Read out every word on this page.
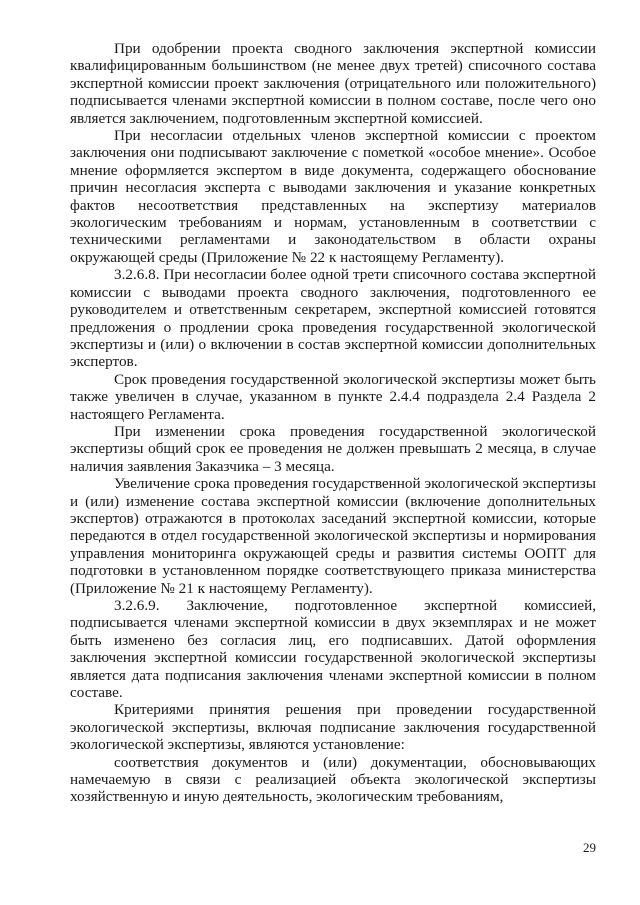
При одобрении проекта сводного заключения экспертной комиссии квалифицированным большинством (не менее двух третей) списочного состава экспертной комиссии проект заключения (отрицательного или положительного) подписывается членами экспертной комиссии в полном составе, после чего оно является заключением, подготовленным экспертной комиссией.

При несогласии отдельных членов экспертной комиссии с проектом заключения они подписывают заключение с пометкой «особое мнение». Особое мнение оформляется экспертом в виде документа, содержащего обоснование причин несогласия эксперта с выводами заключения и указание конкретных фактов несоответствия представленных на экспертизу материалов экологическим требованиям и нормам, установленным в соответствии с техническими регламентами и законодательством в области охраны окружающей среды (Приложение № 22 к настоящему Регламенту).

3.2.6.8. При несогласии более одной трети списочного состава экспертной комиссии с выводами проекта сводного заключения, подготовленного ее руководителем и ответственным секретарем, экспертной комиссией готовятся предложения о продлении срока проведения государственной экологической экспертизы и (или) о включении в состав экспертной комиссии дополнительных экспертов.

Срок проведения государственной экологической экспертизы может быть также увеличен в случае, указанном в пункте 2.4.4 подраздела 2.4 Раздела 2 настоящего Регламента.

При изменении срока проведения государственной экологической экспертизы общий срок ее проведения не должен превышать 2 месяца, в случае наличия заявления Заказчика – 3 месяца.

Увеличение срока проведения государственной экологической экспертизы и (или) изменение состава экспертной комиссии (включение дополнительных экспертов) отражаются в протоколах заседаний экспертной комиссии, которые передаются в отдел государственной экологической экспертизы и нормирования управления мониторинга окружающей среды и развития системы ООПТ для подготовки в установленном порядке соответствующего приказа министерства (Приложение № 21 к настоящему Регламенту).

3.2.6.9. Заключение, подготовленное экспертной комиссией, подписывается членами экспертной комиссии в двух экземплярах и не может быть изменено без согласия лиц, его подписавших. Датой оформления заключения экспертной комиссии государственной экологической экспертизы является дата подписания заключения членами экспертной комиссии в полном составе.

Критериями принятия решения при проведении государственной экологической экспертизы, включая подписание заключения государственной экологической экспертизы, являются установление:

соответствия документов и (или) документации, обосновывающих намечаемую в связи с реализацией объекта экологической экспертизы хозяйственную и иную деятельность, экологическим требованиям,

29
